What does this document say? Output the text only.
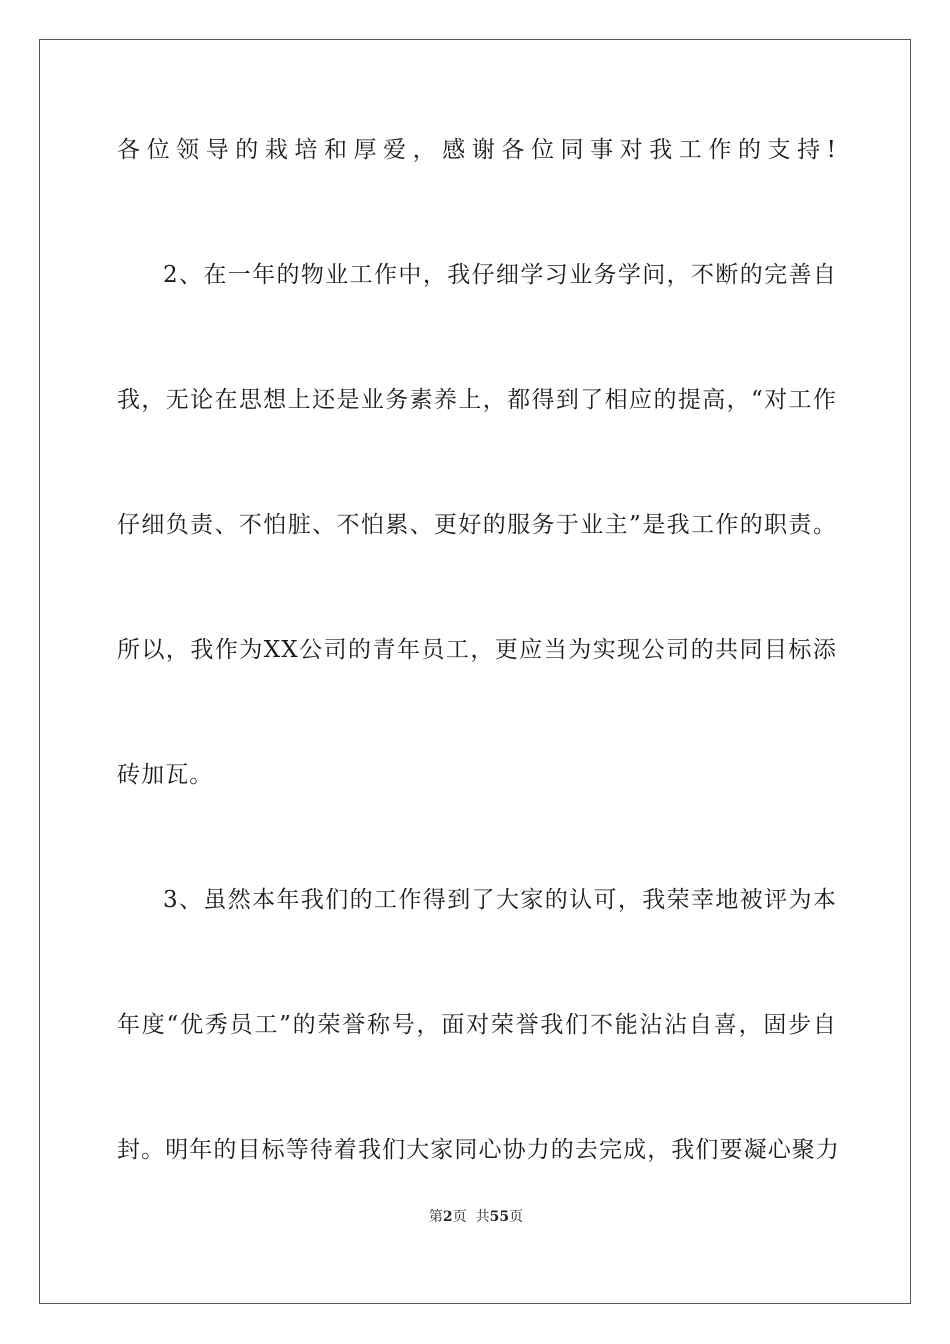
各位领导的栽培和厚爱，感谢各位同事对我工作的支持!
2、在一年的物业工作中，我仔细学习业务学问，不断的完善自
我，无论在思想上还是业务素养上，都得到了相应的提高，“对工作
仔细负责、不怕脏、不怕累、更好的服务于业主”是我工作的职责。
所以，我作为XX公司的青年员工，更应当为实现公司的共同目标添
砖加瓦。
3、虽然本年我们的工作得到了大家的认可，我荣幸地被评为本
年度“优秀员工”的荣誉称号，面对荣誉我们不能沾沾自喜，固步自
封。明年的目标等待着我们大家同心协力的去完成，我们要凝心聚力
第2页  共55页
